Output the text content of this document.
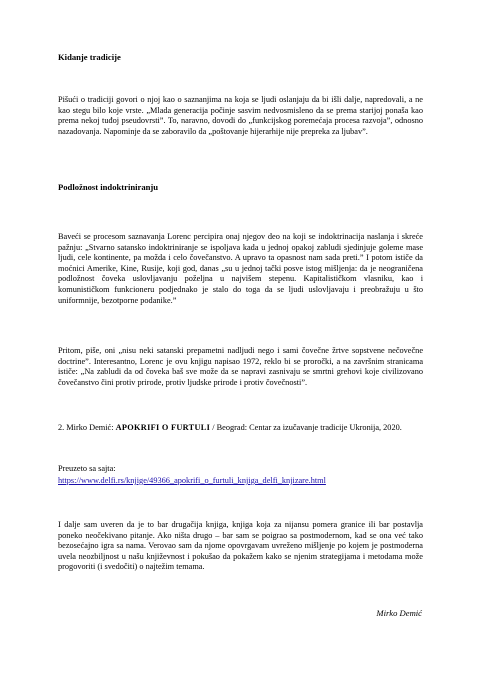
Kidanje tradicije

Pišući o tradiciji govori o njoj kao o saznanjima na koja se ljudi oslanjaju da bi išli dalje, napredovali, a ne kao stegu bilo koje vrste. „Mlada generacija počinje sasvim nedvosmisleno da se prema starijoj ponaša kao prema nekoj tuđoj pseudovrsti”. To, naravno, dovodi do „funkcijskog poremećaja procesa razvoja”, odnosno nazadovanja. Napominje da se zaboravilo da „poštovanje hijerarhije nije prepreka za ljubav”.

Podložnost indoktriniranju

Baveći se procesom saznavanja Lorenc percipira onaj njegov deo na koji se indoktrinacija naslanja i skreće pažnju: „Stvarno satansko indoktriniranje se ispoljava kada u jednoj opakoj zabludi sjedinjuje goleme mase ljudi, cele kontinente, pa možda i celo čovečanstvo. A upravo ta opasnost nam sada preti.” I potom ističe da moćnici Amerike, Kine, Rusije, koji god, danas „su u jednoj tački posve istog mišljenja: da je neograničena podložnost čoveka uslovljavanju poželjna u najvišem stepenu. Kapitalističkom vlasniku, kao i komunističkom funkcioneru podjednako je stalo do toga da se ljudi uslovljavaju i preobražuju u što uniformnije, bezotporne podanike.”

Pritom, piše, oni „nisu neki satanski prepametni nadljudi nego i sami čovečne žrtve sopstvene nečovečne doctrine”. Interesantno, Lorenc je ovu knjigu napisao 1972, reklo bi se proročki, a na završnim stranicama ističe: „Na zabludi da od čoveka baš sve može da se napravi zasnivaju se smrtni grehovi koje civilizovano čovečanstvo čini protiv prirode, protiv ljudske prirode i protiv čovečnosti”.

2. Mirko Demić: APOKRIFI O FURTULI / Beograd: Centar za izučavanje tradicije Ukronija, 2020.

Preuzeto sa sajta:

https://www.delfi.rs/knjige/49366_apokrifi_o_furtuli_knjiga_delfi_knjizare.html

I dalje sam uveren da je to bar drugačija knjiga, knjiga koja za nijansu pomera granice ili bar postavlja poneko neočekivano pitanje. Ako ništa drugo – bar sam se poigrao sa postmodernom, kad se ona već tako bezosećajno igra sa nama. Verovao sam da njome opovrgavam uvreženo mišljenje po kojem je postmoderna uvela neozbiljnost u našu književnost i pokušao da pokažem kako se njenim strategijama i metodama može progovoriti (i svedočiti) o najtežim temama.

Mirko Demić
